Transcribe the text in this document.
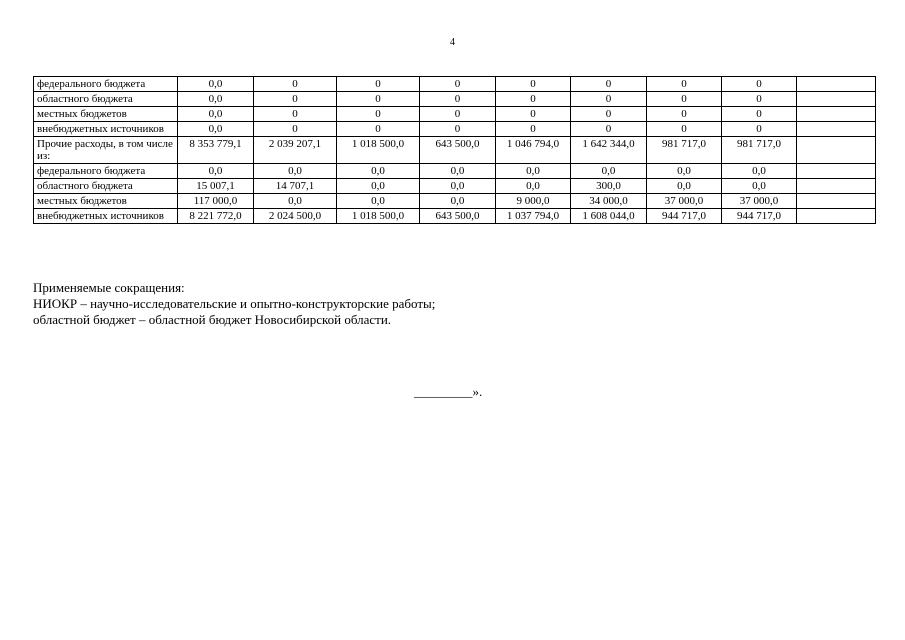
4
федерального бюджета	0,0	0	0	0	0	0	0	0	
областного бюджета	0,0	0	0	0	0	0	0	0	
местных бюджетов	0,0	0	0	0	0	0	0	0	
внебюджетных источников	0,0	0	0	0	0	0	0	0	
Прочие расходы, в том числе из:	8 353 779,1	2 039 207,1	1 018 500,0	643 500,0	1 046 794,0	1 642 344,0	981 717,0	981 717,0	
федерального бюджета	0,0	0,0	0,0	0,0	0,0	0,0	0,0	0,0	
областного бюджета	15 007,1	14 707,1	0,0	0,0	0,0	300,0	0,0	0,0	
местных бюджетов	117 000,0	0,0	0,0	0,0	9 000,0	34 000,0	37 000,0	37 000,0	
внебюджетных источников	8 221 772,0	2 024 500,0	1 018 500,0	643 500,0	1 037 794,0	1 608 044,0	944 717,0	944 717,0	
Применяемые сокращения:
НИОКР – научно-исследовательские и опытно-конструкторские работы;
областной бюджет – областной бюджет Новосибирской области.
_________».
